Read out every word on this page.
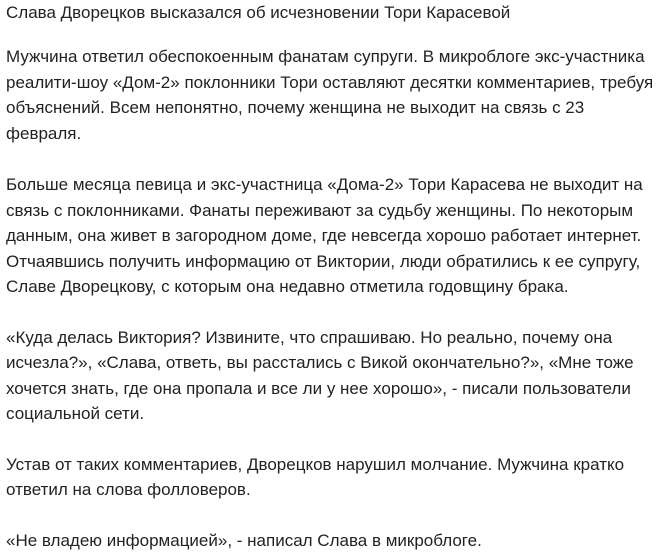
Слава Дворецков высказался об исчезновении Тори Карасевой

Мужчина ответил обеспокоенным фанатам супруги. В микроблоге экс-участника реалити-шоу «Дом-2» поклонники Тори оставляют десятки комментариев, требуя объяснений. Всем непонятно, почему женщина не выходит на связь с 23 февраля.

Больше месяца певица и экс-участница «Дома-2» Тори Карасева не выходит на связь с поклонниками. Фанаты переживают за судьбу женщины. По некоторым данным, она живет в загородном доме, где невсегда хорошо работает интернет. Отчаявшись получить информацию от Виктории, люди обратились к ее супругу, Славе Дворецкову, с которым она недавно отметила годовщину брака.

«Куда делась Виктория? Извините, что спрашиваю. Но реально, почему она исчезла?», «Слава, ответь, вы расстались с Викой окончательно?», «Мне тоже хочется знать, где она пропала и все ли у нее хорошо», - писали пользователи социальной сети.

Устав от таких комментариев, Дворецков нарушил молчание. Мужчина кратко ответил на слова фолловеров.

«Не владею информацией», - написал Слава в микроблоге.
